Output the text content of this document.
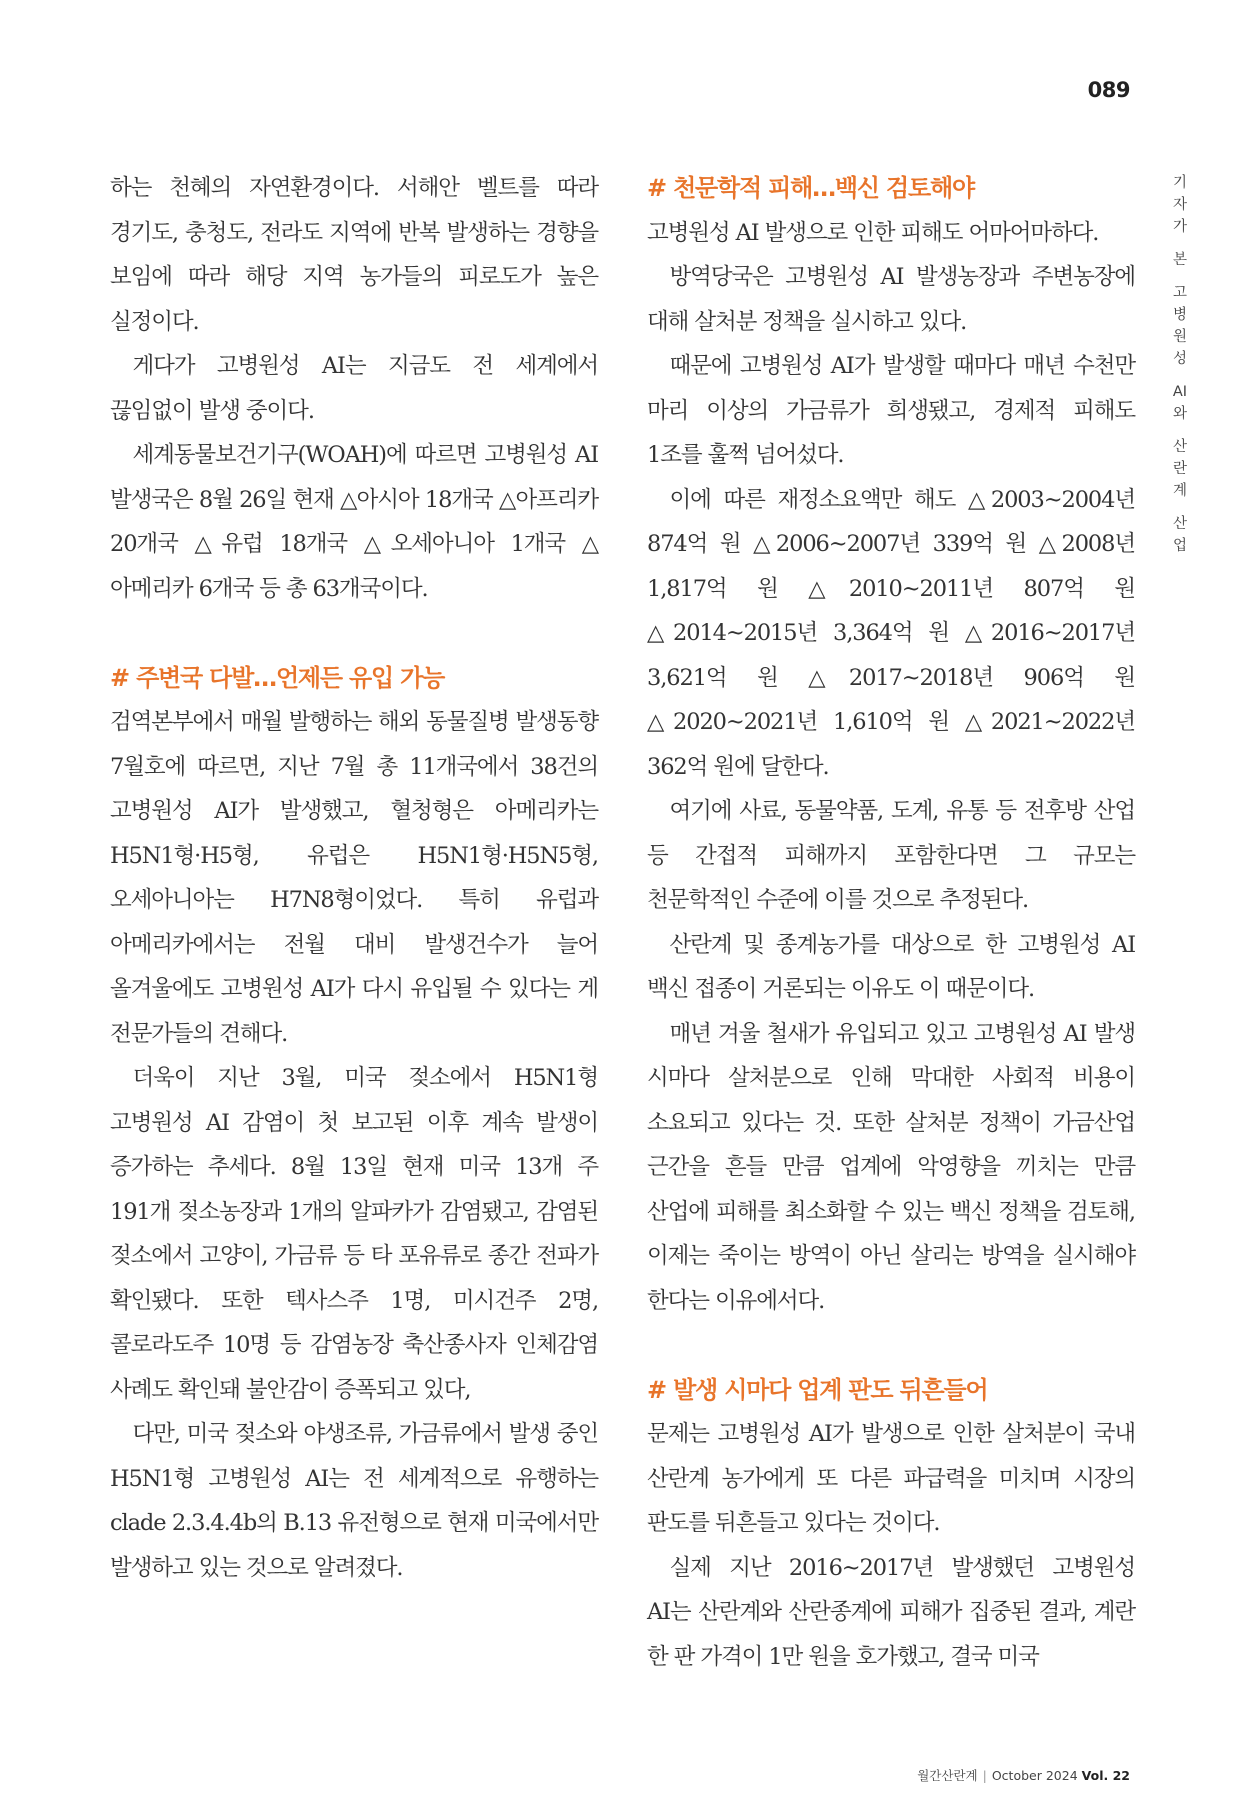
089

하는 천혜의 자연환경이다. 서해안 벨트를 따라 경기도, 충청도, 전라도 지역에 반복 발생하는 경향을 보임에 따라 해당 지역 농가들의 피로도가 높은 실정이다.

게다가 고병원성 AI는 지금도 전 세계에서 끊임없이 발생 중이다.

세계동물보건기구(WOAH)에 따르면 고병원성 AI 발생국은 8월 26일 현재 △아시아 18개국 △아프리카 20개국 △유럽 18개국 △오세아니아 1개국 △아메리카 6개국 등 총 63개국이다.

# 주변국 다발…언제든 유입 가능

검역본부에서 매월 발행하는 해외 동물질병 발생동향 7월호에 따르면, 지난 7월 총 11개국에서 38건의 고병원성 AI가 발생했고, 혈청형은 아메리카는 H5N1형·H5형, 유럽은 H5N1형·H5N5형, 오세아니아는 H7N8형이었다. 특히 유럽과 아메리카에서는 전월 대비 발생건수가 늘어 올겨울에도 고병원성 AI가 다시 유입될 수 있다는 게 전문가들의 견해다.

더욱이 지난 3월, 미국 젖소에서 H5N1형 고병원성 AI 감염이 첫 보고된 이후 계속 발생이 증가하는 추세다. 8월 13일 현재 미국 13개 주 191개 젖소농장과 1개의 알파카가 감염됐고, 감염된 젖소에서 고양이, 가금류 등 타 포유류로 종간 전파가 확인됐다. 또한 텍사스주 1명, 미시건주 2명, 콜로라도주 10명 등 감염농장 축산종사자 인체감염 사례도 확인돼 불안감이 증폭되고 있다,

다만, 미국 젖소와 야생조류, 가금류에서 발생 중인 H5N1형 고병원성 AI는 전 세계적으로 유행하는 clade 2.3.4.4b의 B.13 유전형으로 현재 미국에서만 발생하고 있는 것으로 알려졌다.

# 천문학적 피해…백신 검토해야

고병원성 AI 발생으로 인한 피해도 어마어마하다.

방역당국은 고병원성 AI 발생농장과 주변농장에 대해 살처분 정책을 실시하고 있다.

때문에 고병원성 AI가 발생할 때마다 매년 수천만 마리 이상의 가금류가 희생됐고, 경제적 피해도 1조를 훌쩍 넘어섰다.

이에 따른 재정소요액만 해도 △2003~2004년 874억 원 △2006~2007년 339억 원 △2008년 1,817억 원 △2010~2011년 807억 원 △2014~2015년 3,364억 원 △2016~2017년 3,621억 원 △2017~2018년 906억 원 △2020~2021년 1,610억 원 △2021~2022년 362억 원에 달한다.

여기에 사료, 동물약품, 도계, 유통 등 전후방 산업 등 간접적 피해까지 포함한다면 그 규모는 천문학적인 수준에 이를 것으로 추정된다.

산란계 및 종계농가를 대상으로 한 고병원성 AI 백신 접종이 거론되는 이유도 이 때문이다.

매년 겨울 철새가 유입되고 있고 고병원성 AI 발생 시마다 살처분으로 인해 막대한 사회적 비용이 소요되고 있다는 것. 또한 살처분 정책이 가금산업 근간을 흔들 만큼 업계에 악영향을 끼치는 만큼 산업에 피해를 최소화할 수 있는 백신 정책을 검토해, 이제는 죽이는 방역이 아닌 살리는 방역을 실시해야 한다는 이유에서다.

# 발생 시마다 업계 판도 뒤흔들어

문제는 고병원성 AI가 발생으로 인한 살처분이 국내 산란계 농가에게 또 다른 파급력을 미치며 시장의 판도를 뒤흔들고 있다는 것이다.

실제 지난 2016~2017년 발생했던 고병원성 AI는 산란계와 산란종계에 피해가 집중된 결과, 계란 한 판 가격이 1만 원을 호가했고, 결국 미국

기
자
가
본
고
병
원
성
AI
와
산
란
계
산
업
월간산란계 | October 2024 Vol. 22
